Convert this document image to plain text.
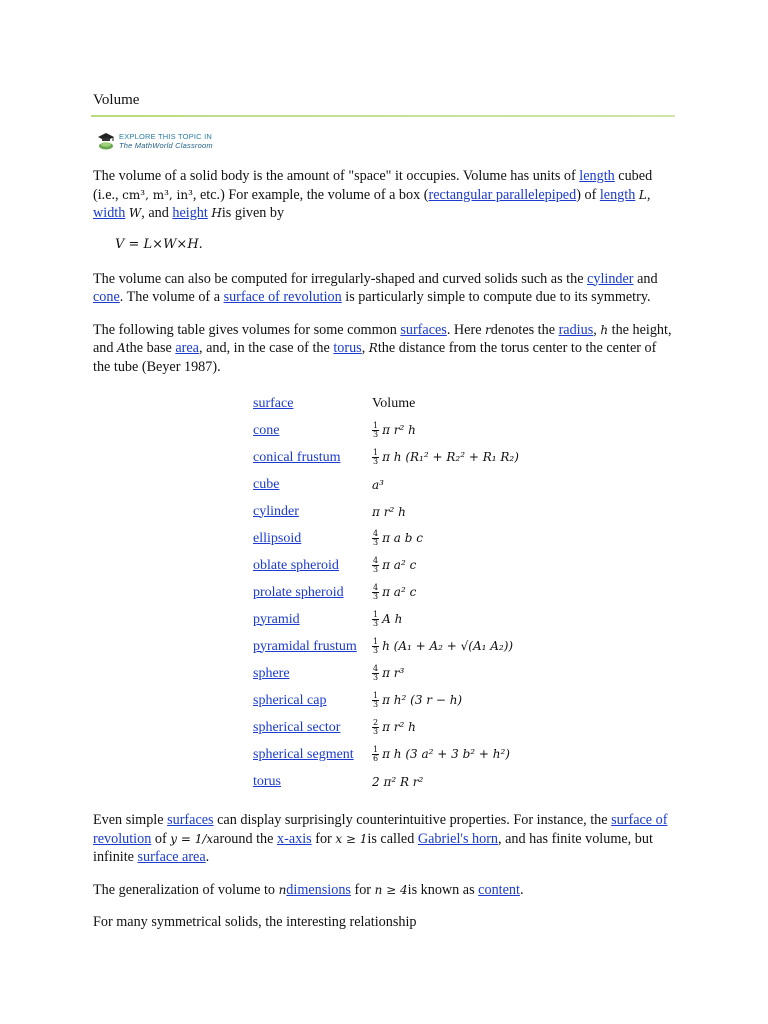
Volume
EXPLORE THIS TOPIC IN
The MathWorld Classroom

The volume of a solid body is the amount of "space" it occupies. Volume has units of length cubed (i.e., cm³, m³, in³, etc.) For example, the volume of a box (rectangular parallelepiped) of length L, width W, and height His given by

V = L×W×H.

The volume can also be computed for irregularly-shaped and curved solids such as the cylinder and cone. The volume of a surface of revolution is particularly simple to compute due to its symmetry.

The following table gives volumes for some common surfaces. Here rdenotes the radius, h the height, and Athe base area, and, in the case of the torus, Rthe distance from the torus center to the center of the tube (Beyer 1987).

surface	Volume
cone	$\frac{1}{3}$ π r² h
conical frustum	$\frac{1}{3}$ π h (R₁² + R₂² + R₁ R₂)
cube	a³
cylinder	π r² h
ellipsoid	$\frac{4}{3}$ π a b c
oblate spheroid	$\frac{4}{3}$ π a² c
prolate spheroid	$\frac{4}{3}$ π a² c
pyramid	$\frac{1}{3}$ A h
pyramidal frustum	$\frac{1}{3}$ h (A₁ + A₂ + √(A₁ A₂))
sphere	$\frac{4}{3}$ π r³
spherical cap	$\frac{1}{3}$ π h² (3 r − h)
spherical sector	$\frac{2}{3}$ π r² h
spherical segment	$\frac{1}{6}$ π h (3 a² + 3 b² + h²)
torus	2 π² R r²

Even simple surfaces can display surprisingly counterintuitive properties. For instance, the surface of revolution of y = 1/xaround the x-axis for x ≥ 1is called Gabriel's horn, and has finite volume, but infinite surface area.

The generalization of volume to ndimensions for n ≥ 4is known as content.

For many symmetrical solids, the interesting relationship
